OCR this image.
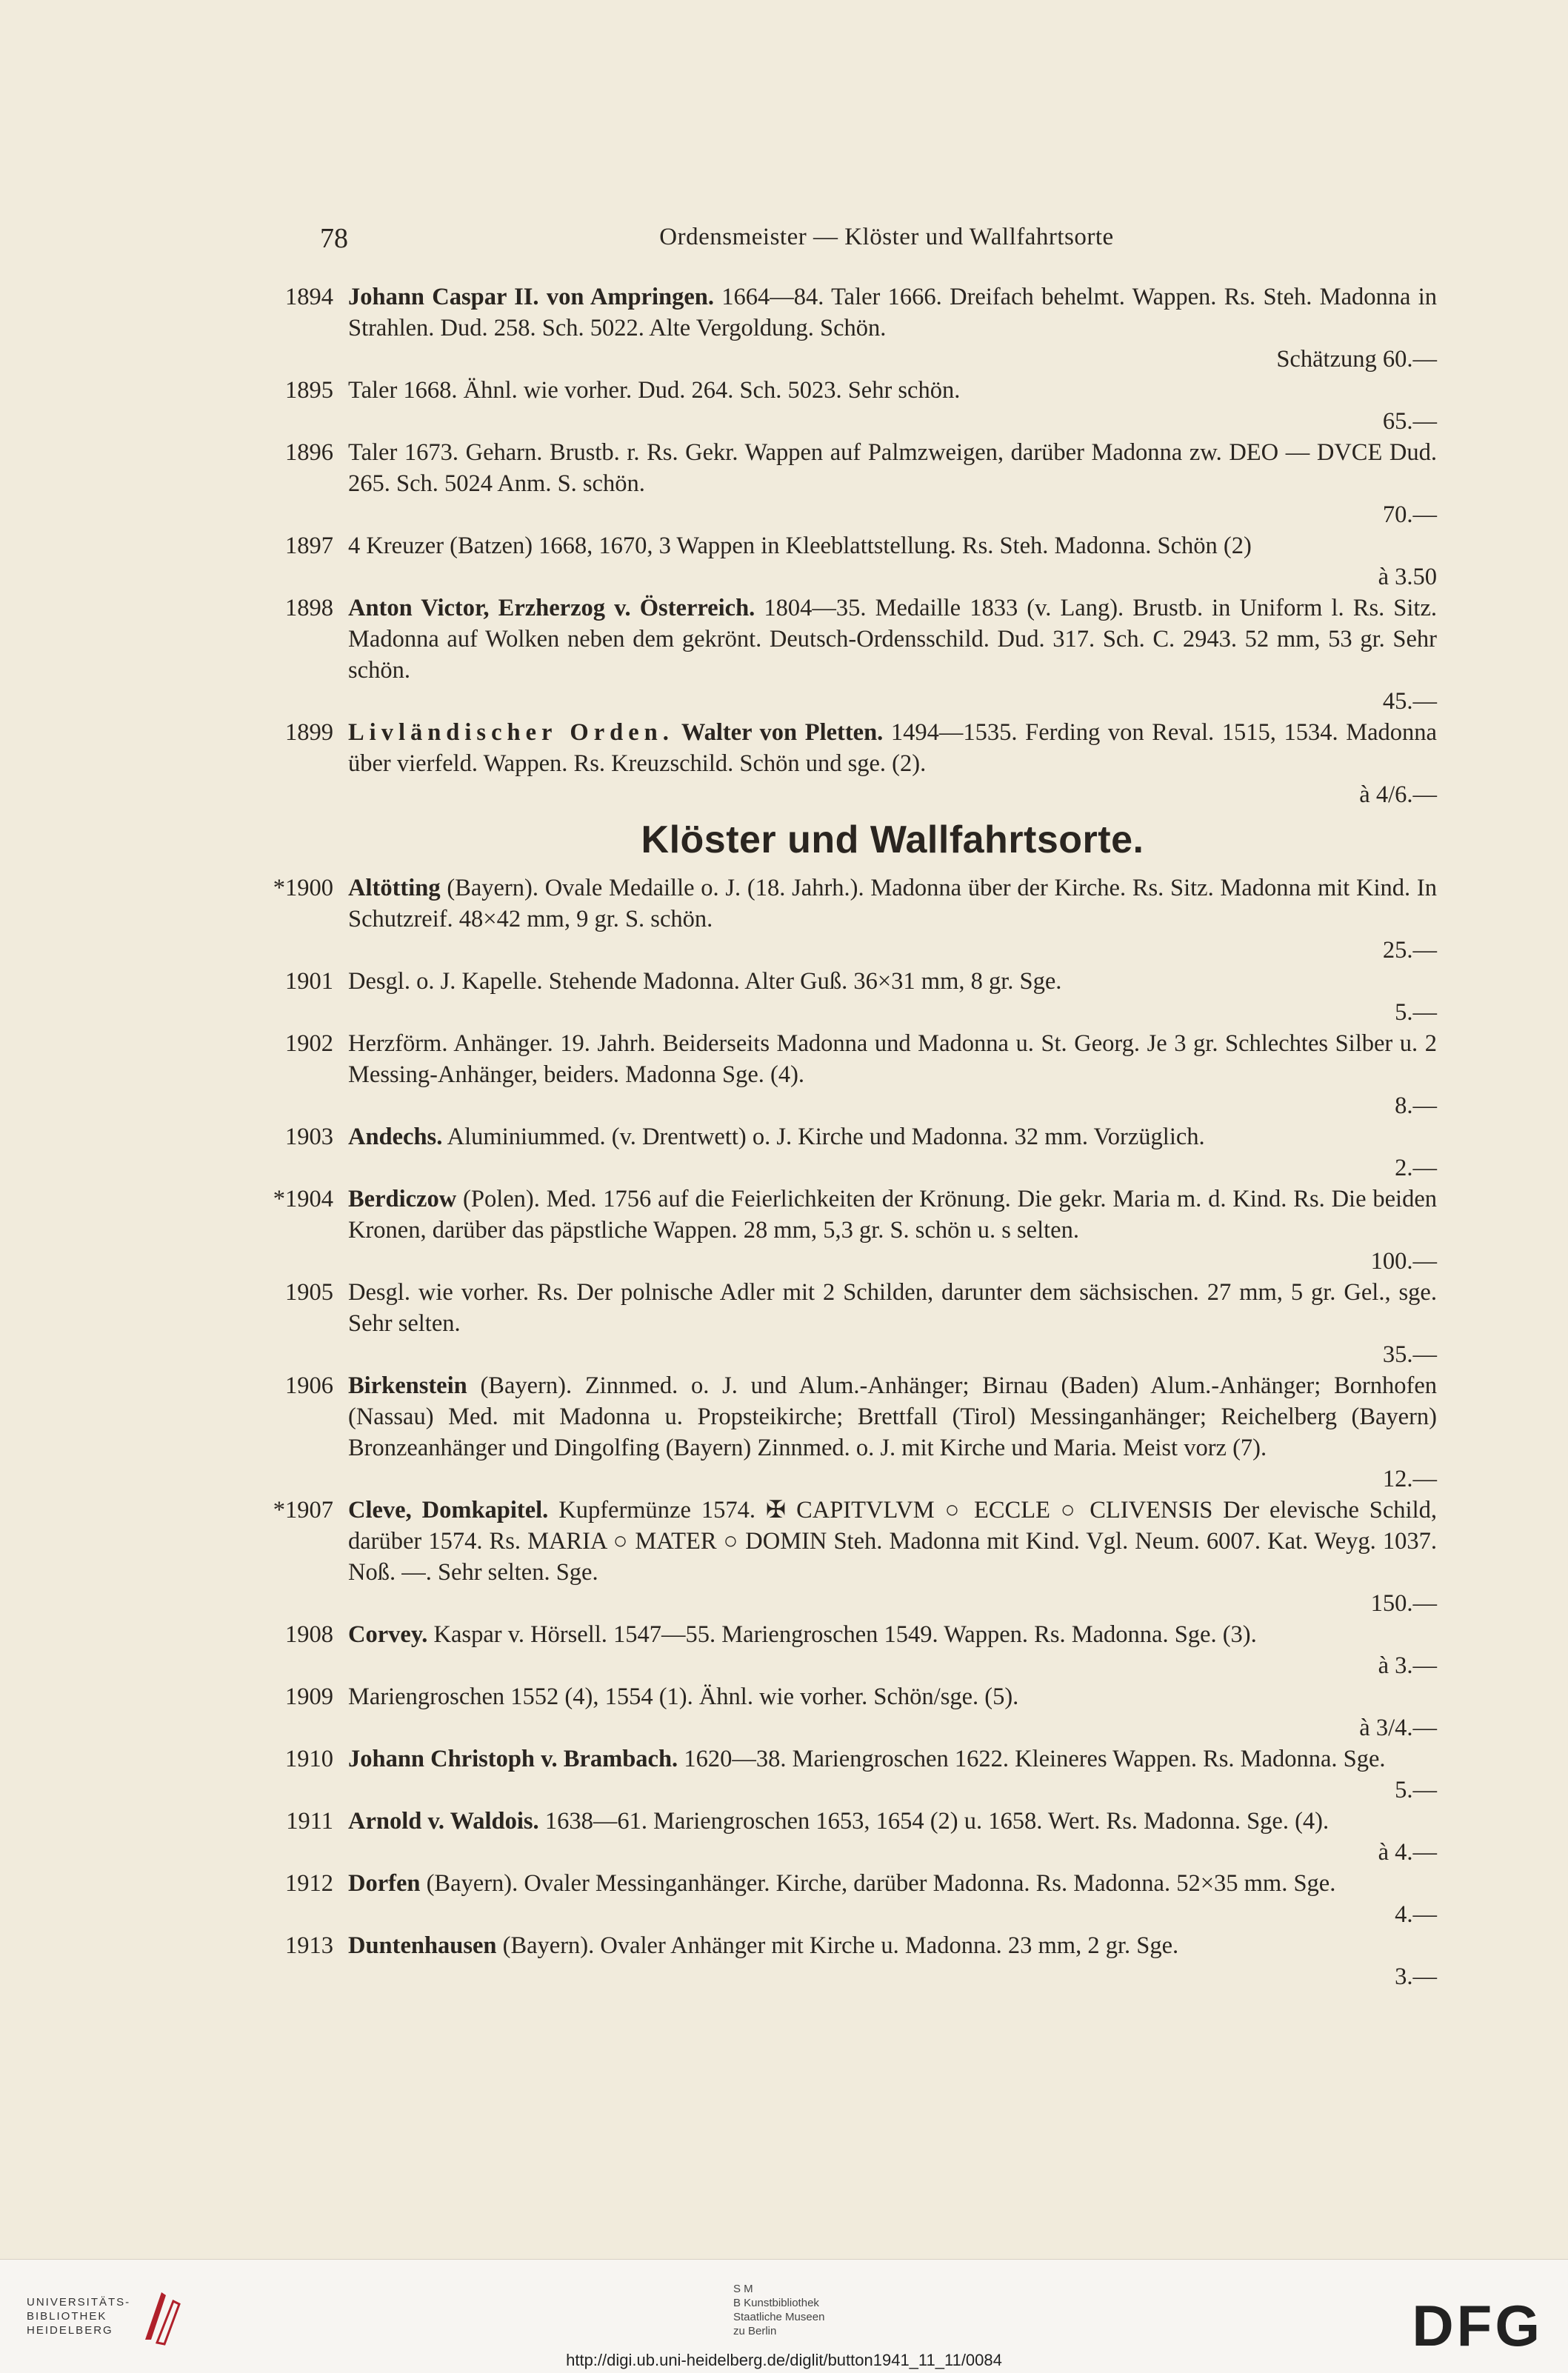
78	Ordensmeister — Klöster und Wallfahrtsorte
1894 Johann Caspar II. von Ampringen. 1664—84. Taler 1666. Dreifach behelmt. Wappen. Rs. Steh. Madonna in Strahlen. Dud. 258. Sch. 5022. Alte Vergoldung. Schön.
Schätzung 60.—
1895 Taler 1668. Ähnl. wie vorher. Dud. 264. Sch. 5023. Sehr schön.
65.—
1896 Taler 1673. Geharn. Brustb. r. Rs. Gekr. Wappen auf Palmzweigen, darüber Madonna zw. DEO — DVCE Dud. 265. Sch. 5024 Anm. S. schön.
70.—
1897 4 Kreuzer (Batzen) 1668, 1670, 3 Wappen in Kleeblattstellung. Rs. Steh. Madonna. Schön (2)
à 3.50
1898 Anton Victor, Erzherzog v. Österreich. 1804—35. Medaille 1833 (v. Lang). Brustb. in Uniform l. Rs. Sitz. Madonna auf Wolken neben dem gekrönt. Deutsch-Ordensschild. Dud. 317. Sch. C. 2943. 52 mm, 53 gr. Sehr schön.
45.—
1899 Livländischer Orden. Walter von Pletten. 1494—1535. Ferding von Reval. 1515, 1534. Madonna über vierfeld. Wappen. Rs. Kreuzschild. Schön und sge. (2).
à 4/6.—
Klöster und Wallfahrtsorte.
*1900 Altötting (Bayern). Ovale Medaille o. J. (18. Jahrh.). Madonna über der Kirche. Rs. Sitz. Madonna mit Kind. In Schutzreif. 48×42 mm, 9 gr. S. schön.
25.—
1901 Desgl. o. J. Kapelle. Stehende Madonna. Alter Guß. 36×31 mm, 8 gr. Sge.
5.—
1902 Herzförm. Anhänger. 19. Jahrh. Beiderseits Madonna und Madonna u. St. Georg. Je 3 gr. Schlechtes Silber u. 2 Messing-Anhänger, beiders. Madonna Sge. (4).
8.—
1903 Andechs. Aluminiummed. (v. Drentwett) o. J. Kirche und Madonna. 32 mm. Vorzüglich.
2.—
*1904 Berdiczow (Polen). Med. 1756 auf die Feierlichkeiten der Krönung. Die gekr. Maria m. d. Kind. Rs. Die beiden Kronen, darüber das päpstliche Wappen. 28 mm, 5,3 gr. S. schön u. s selten.
100.—
1905 Desgl. wie vorher. Rs. Der polnische Adler mit 2 Schilden, darunter dem sächsischen. 27 mm, 5 gr. Gel., sge. Sehr selten.
35.—
1906 Birkenstein (Bayern). Zinnmed. o. J. und Alum.-Anhänger; Birnau (Baden) Alum.-Anhänger; Bornhofen (Nassau) Med. mit Madonna u. Propsteikirche; Brettfall (Tirol) Messinganhänger; Reichelberg (Bayern) Bronzeanhänger und Dingolfing (Bayern) Zinnmed. o. J. mit Kirche und Maria. Meist vorz (7).
12.—
*1907 Cleve, Domkapitel. Kupfermünze 1574. ✠ CAPITVLVM ○ ECCLE ○ CLIVENSIS Der elevische Schild, darüber 1574. Rs. MARIA ○ MATER ○ DOMIN Steh. Madonna mit Kind. Vgl. Neum. 6007. Kat. Weyg. 1037. Noß. —. Sehr selten. Sge.
150.—
1908 Corvey. Kaspar v. Hörsell. 1547—55. Mariengroschen 1549. Wappen. Rs. Madonna. Sge. (3).
à 3.—
1909 Mariengroschen 1552 (4), 1554 (1). Ähnl. wie vorher. Schön/sge. (5).
à 3/4.—
1910 Johann Christoph v. Brambach. 1620—38. Mariengroschen 1622. Kleineres Wappen. Rs. Madonna. Sge.
5.—
1911 Arnold v. Waldois. 1638—61. Mariengroschen 1653, 1654 (2) u. 1658. Wert. Rs. Madonna. Sge. (4).
à 4.—
1912 Dorfen (Bayern). Ovaler Messinganhänger. Kirche, darüber Madonna. Rs. Madonna. 52×35 mm. Sge.
4.—
1913 Duntenhausen (Bayern). Ovaler Anhänger mit Kirche u. Madonna. 23 mm, 2 gr. Sge.
3.—
UNIVERSITÄTS-
BIBLIOTHEK
HEIDELBERG
S M
B Kunstbibliothek
Staatliche Museen
zu Berlin	DFG
http://digi.ub.uni-heidelberg.de/diglit/button1941_11_11/0084
